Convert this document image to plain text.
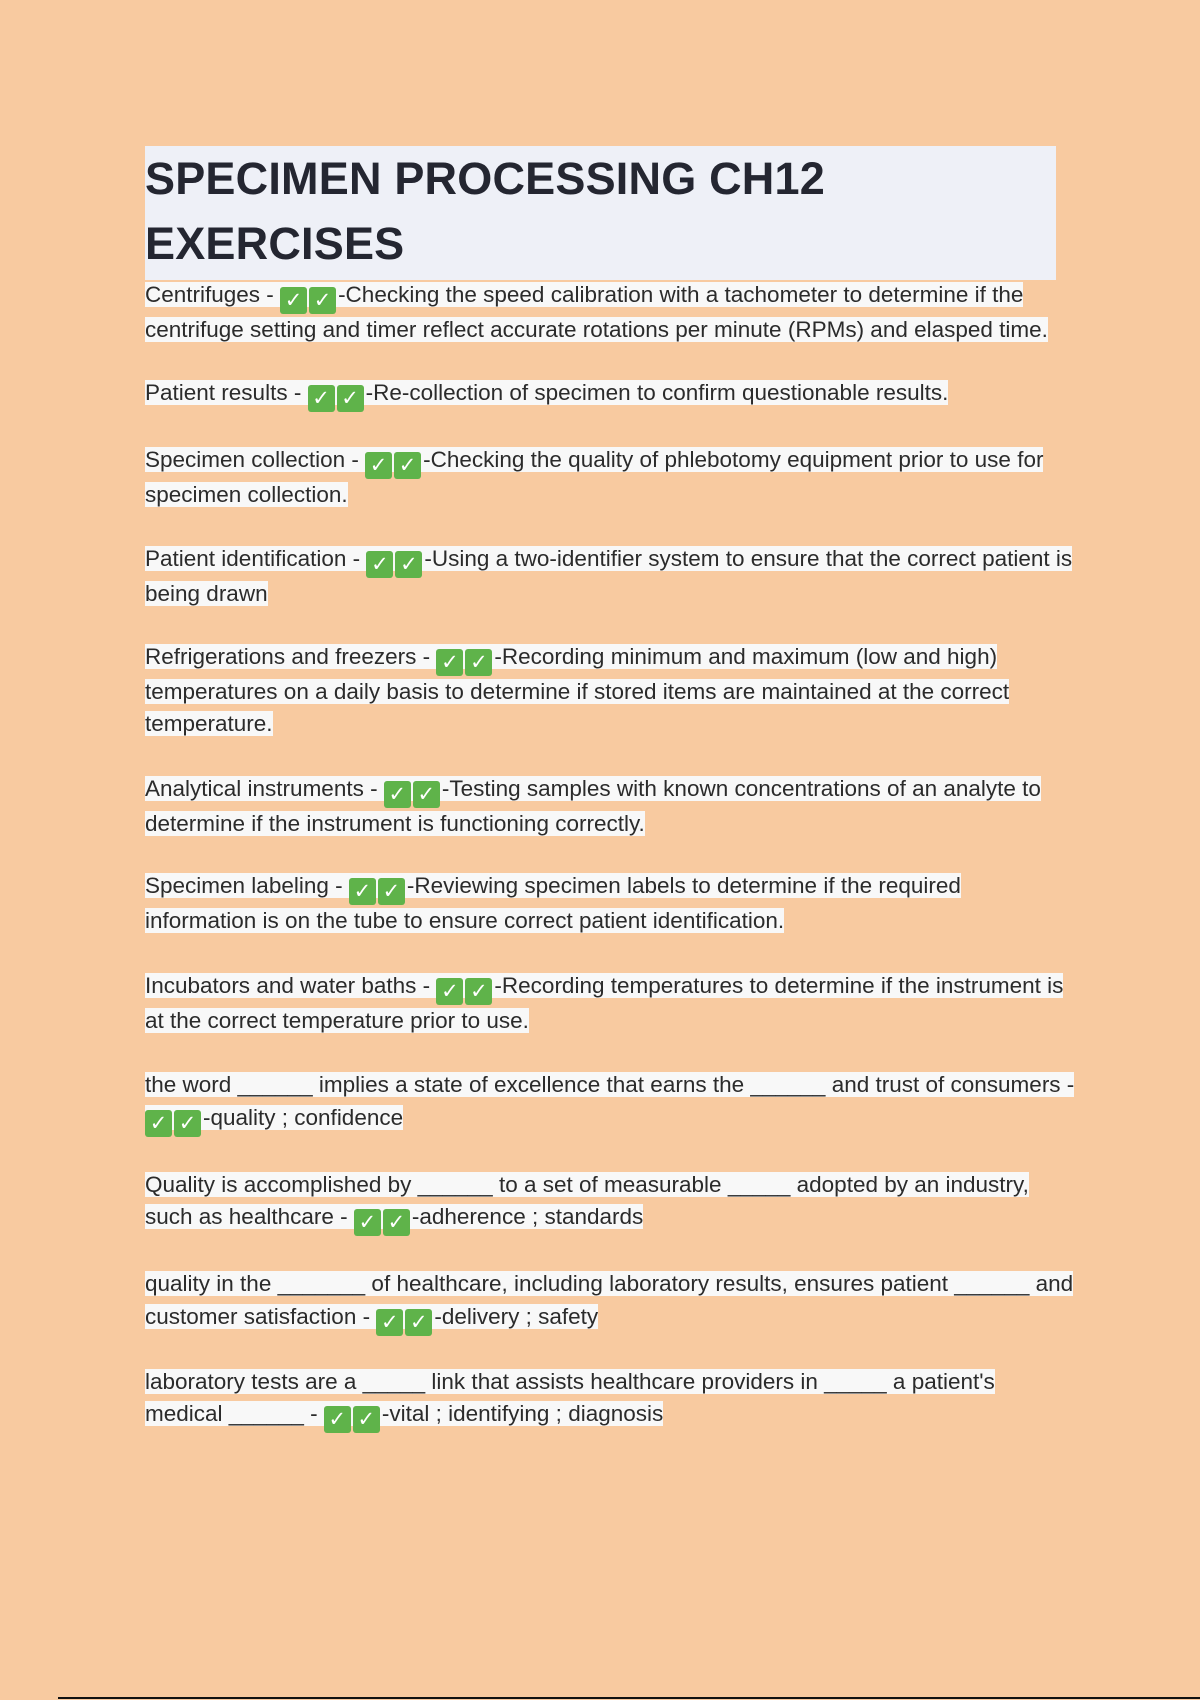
SPECIMEN PROCESSING CH12 EXERCISES

Centrifuges - ✓ ✓ -Checking the speed calibration with a tachometer to determine if the centrifuge setting and timer reflect accurate rotations per minute (RPMs) and elasped time.

Patient results - ✓ ✓ -Re-collection of specimen to confirm questionable results.

Specimen collection - ✓ ✓ -Checking the quality of phlebotomy equipment prior to use for specimen collection.

Patient identification - ✓ ✓ -Using a two-identifier system to ensure that the correct patient is being drawn

Refrigerations and freezers - ✓ ✓ -Recording minimum and maximum (low and high) temperatures on a daily basis to determine if stored items are maintained at the correct temperature.

Analytical instruments - ✓ ✓ -Testing samples with known concentrations of an analyte to determine if the instrument is functioning correctly.

Specimen labeling - ✓ ✓ -Reviewing specimen labels to determine if the required information is on the tube to ensure correct patient identification.

Incubators and water baths - ✓ ✓ -Recording temperatures to determine if the instrument is at the correct temperature prior to use.

the word ______ implies a state of excellence that earns the ______ and trust of consumers - ✓ ✓ -quality ; confidence

Quality is accomplished by ______ to a set of measurable _____ adopted by an industry, such as healthcare - ✓ ✓ -adherence ; standards

quality in the _______ of healthcare, including laboratory results, ensures patient ______ and customer satisfaction - ✓ ✓ -delivery ; safety

laboratory tests are a _____ link that assists healthcare providers in _____ a patient's medical ______ - ✓ ✓ -vital ; identifying ; diagnosis
